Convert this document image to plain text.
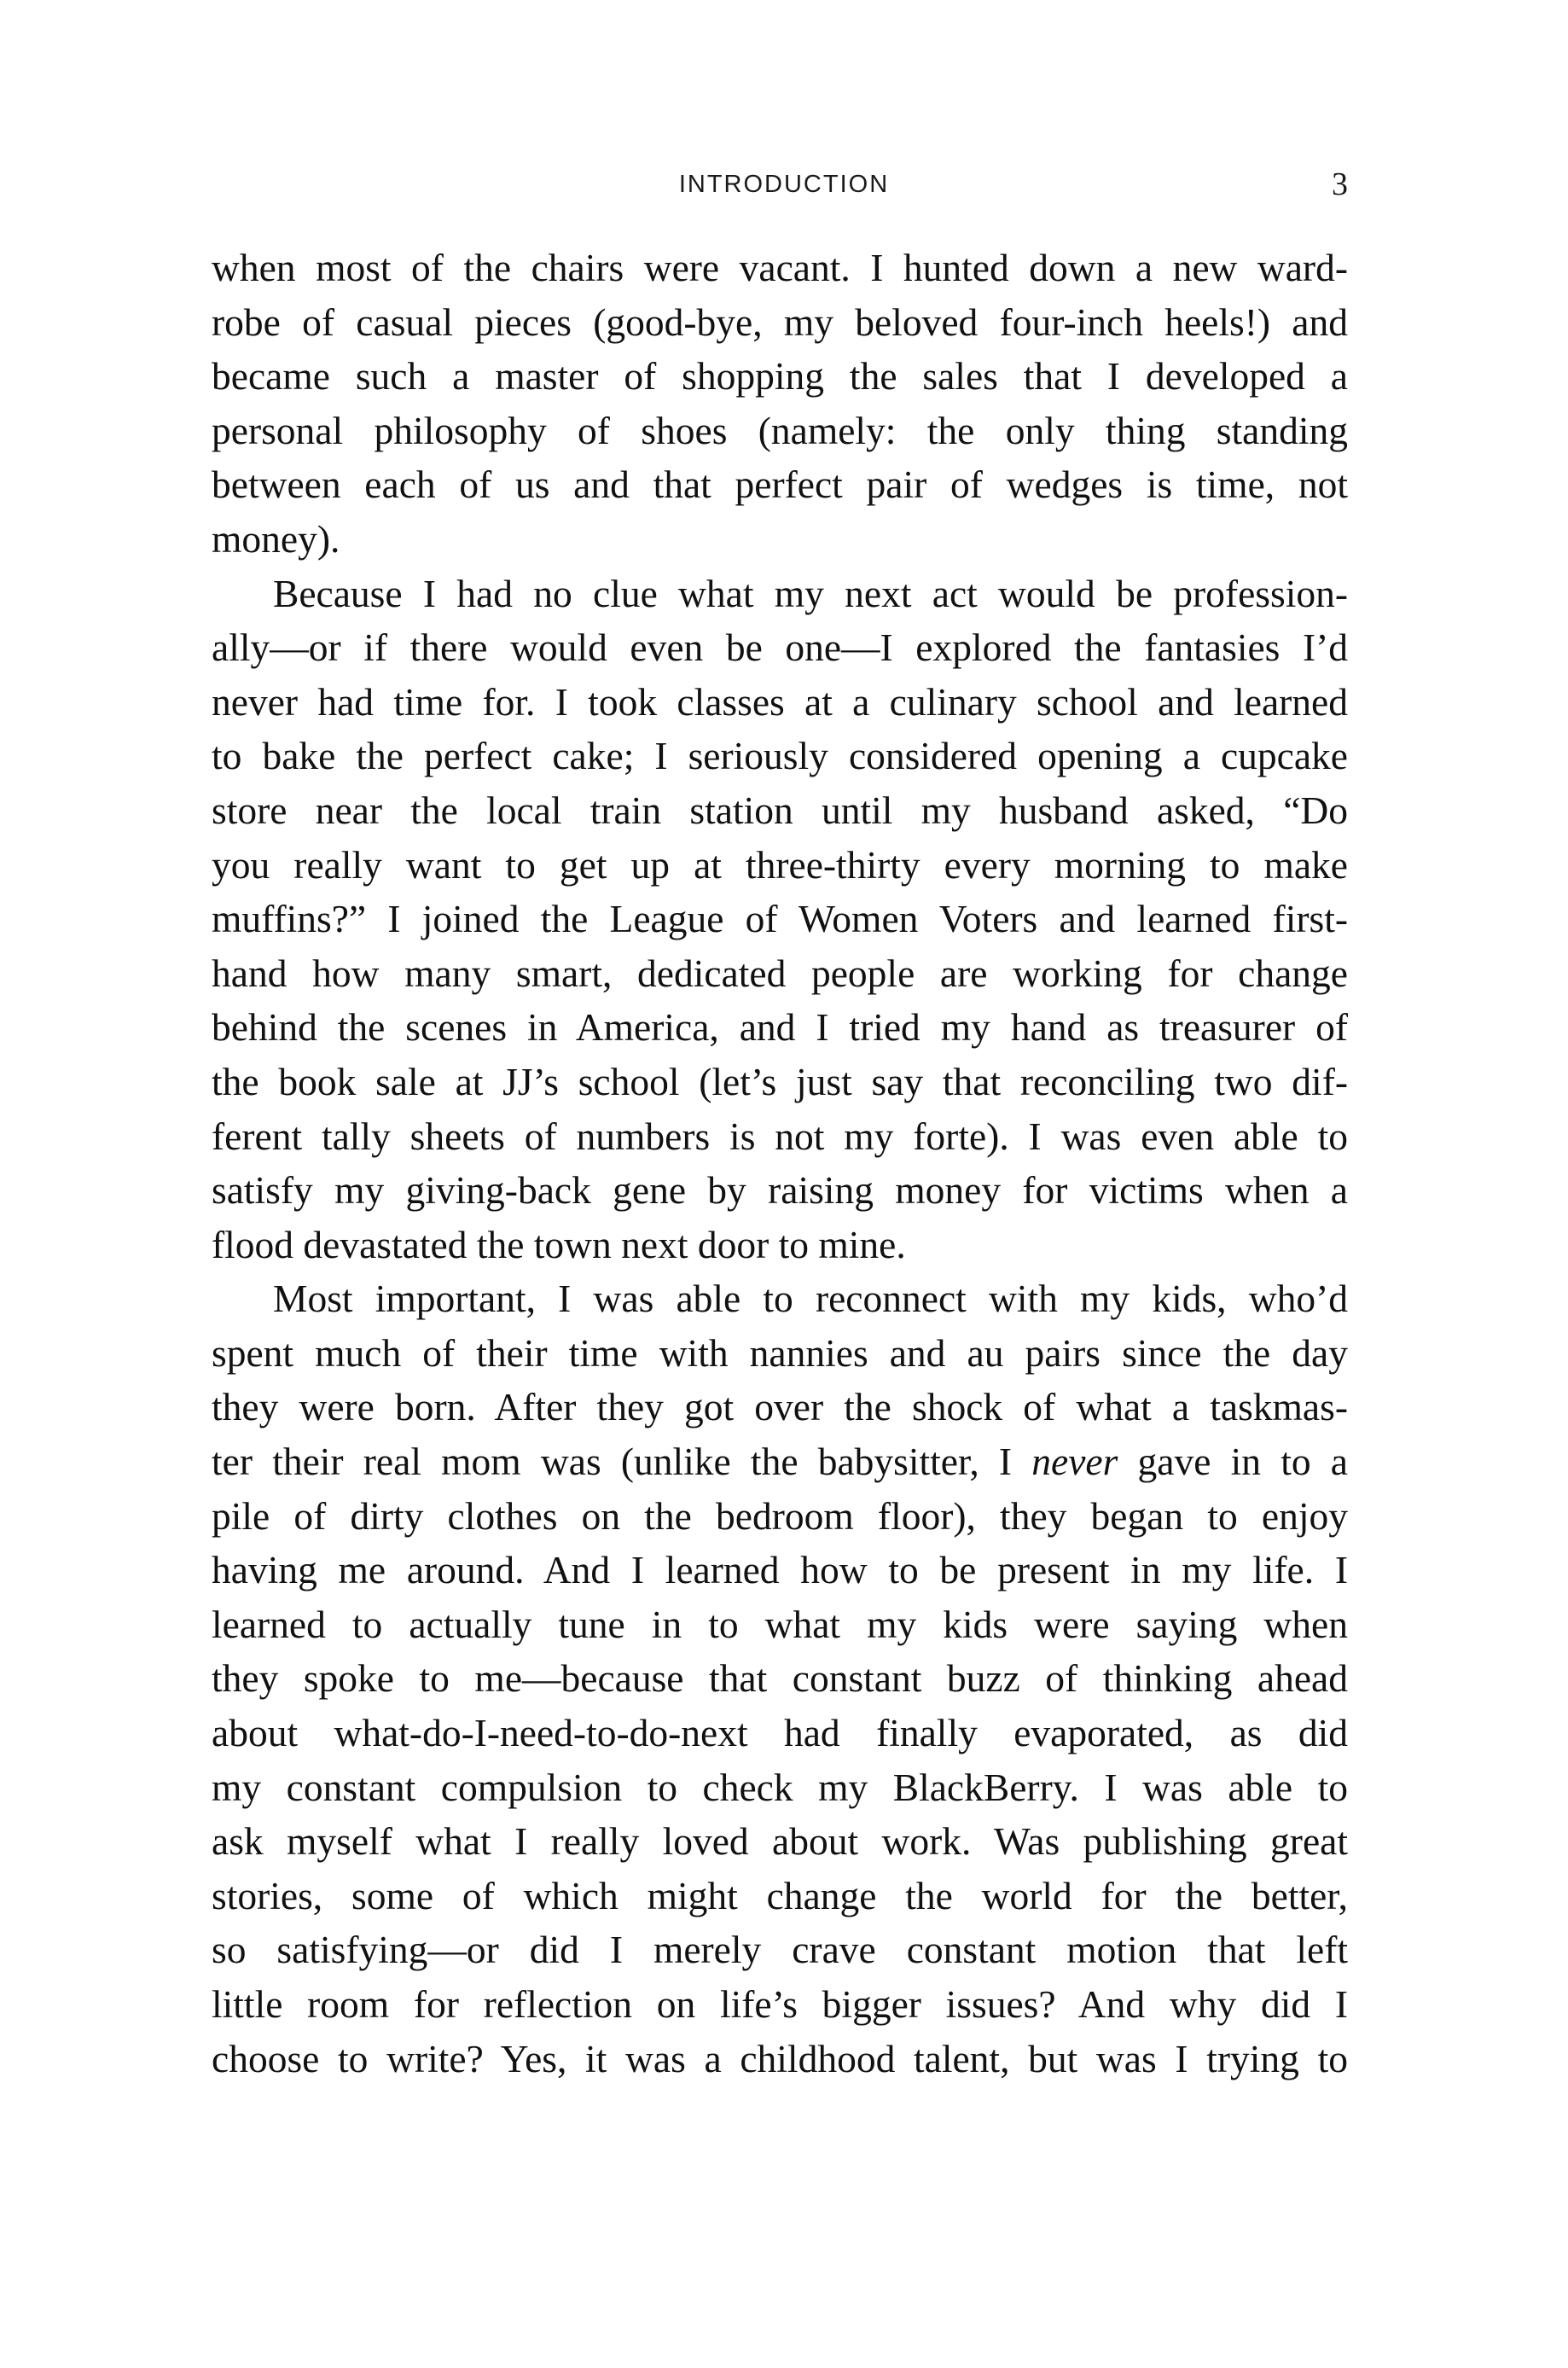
INTRODUCTION	3
when most of the chairs were vacant. I hunted down a new ward-
robe of casual pieces (good-bye, my beloved four-inch heels!) and
became such a master of shopping the sales that I developed a
personal philosophy of shoes (namely: the only thing standing
between each of us and that perfect pair of wedges is time, not
money).
Because I had no clue what my next act would be profession-
ally—or if there would even be one—I explored the fantasies I’d
never had time for. I took classes at a culinary school and learned
to bake the perfect cake; I seriously considered opening a cupcake
store near the local train station until my husband asked, “Do
you really want to get up at three-thirty every morning to make
muffins?” I joined the League of Women Voters and learned first-
hand how many smart, dedicated people are working for change
behind the scenes in America, and I tried my hand as treasurer of
the book sale at JJ’s school (let’s just say that reconciling two dif-
ferent tally sheets of numbers is not my forte). I was even able to
satisfy my giving-back gene by raising money for victims when a
flood devastated the town next door to mine.
Most important, I was able to reconnect with my kids, who’d
spent much of their time with nannies and au pairs since the day
they were born. After they got over the shock of what a taskmas-
ter their real mom was (unlike the babysitter, I never gave in to a
pile of dirty clothes on the bedroom floor), they began to enjoy
having me around. And I learned how to be present in my life. I
learned to actually tune in to what my kids were saying when
they spoke to me—because that constant buzz of thinking ahead
about what-do-I-need-to-do-next had finally evaporated, as did
my constant compulsion to check my BlackBerry. I was able to
ask myself what I really loved about work. Was publishing great
stories, some of which might change the world for the better,
so satisfying—or did I merely crave constant motion that left
little room for reflection on life’s bigger issues? And why did I
choose to write? Yes, it was a childhood talent, but was I trying to
